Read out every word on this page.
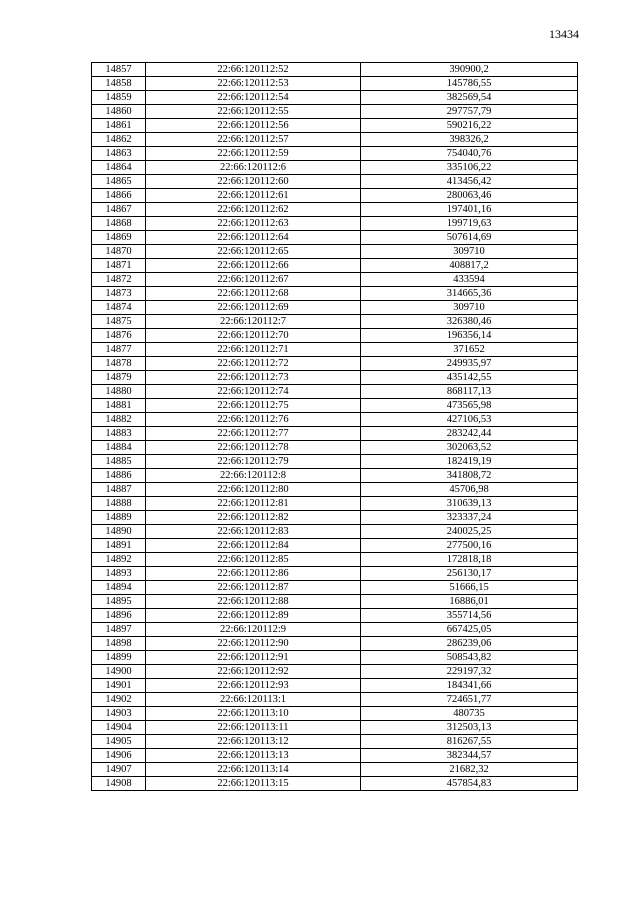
13434
14857	22:66:120112:52	390900,2
14858	22:66:120112:53	145786,55
14859	22:66:120112:54	382569,54
14860	22:66:120112:55	297757,79
14861	22:66:120112:56	590216,22
14862	22:66:120112:57	398326,2
14863	22:66:120112:59	754040,76
14864	22:66:120112:6	335106,22
14865	22:66:120112:60	413456,42
14866	22:66:120112:61	280063,46
14867	22:66:120112:62	197401,16
14868	22:66:120112:63	199719,63
14869	22:66:120112:64	507614,69
14870	22:66:120112:65	309710
14871	22:66:120112:66	408817,2
14872	22:66:120112:67	433594
14873	22:66:120112:68	314665,36
14874	22:66:120112:69	309710
14875	22:66:120112:7	326380,46
14876	22:66:120112:70	196356,14
14877	22:66:120112:71	371652
14878	22:66:120112:72	249935,97
14879	22:66:120112:73	435142,55
14880	22:66:120112:74	868117,13
14881	22:66:120112:75	473565,98
14882	22:66:120112:76	427106,53
14883	22:66:120112:77	283242,44
14884	22:66:120112:78	302063,52
14885	22:66:120112:79	182419,19
14886	22:66:120112:8	341808,72
14887	22:66:120112:80	45706,98
14888	22:66:120112:81	310639,13
14889	22:66:120112:82	323337,24
14890	22:66:120112:83	240025,25
14891	22:66:120112:84	277500,16
14892	22:66:120112:85	172818,18
14893	22:66:120112:86	256130,17
14894	22:66:120112:87	51666,15
14895	22:66:120112:88	16886,01
14896	22:66:120112:89	355714,56
14897	22:66:120112:9	667425,05
14898	22:66:120112:90	286239,06
14899	22:66:120112:91	508543,82
14900	22:66:120112:92	229197,32
14901	22:66:120112:93	184341,66
14902	22:66:120113:1	724651,77
14903	22:66:120113:10	480735
14904	22:66:120113:11	312503,13
14905	22:66:120113:12	816267,55
14906	22:66:120113:13	382344,57
14907	22:66:120113:14	21682,32
14908	22:66:120113:15	457854,83
